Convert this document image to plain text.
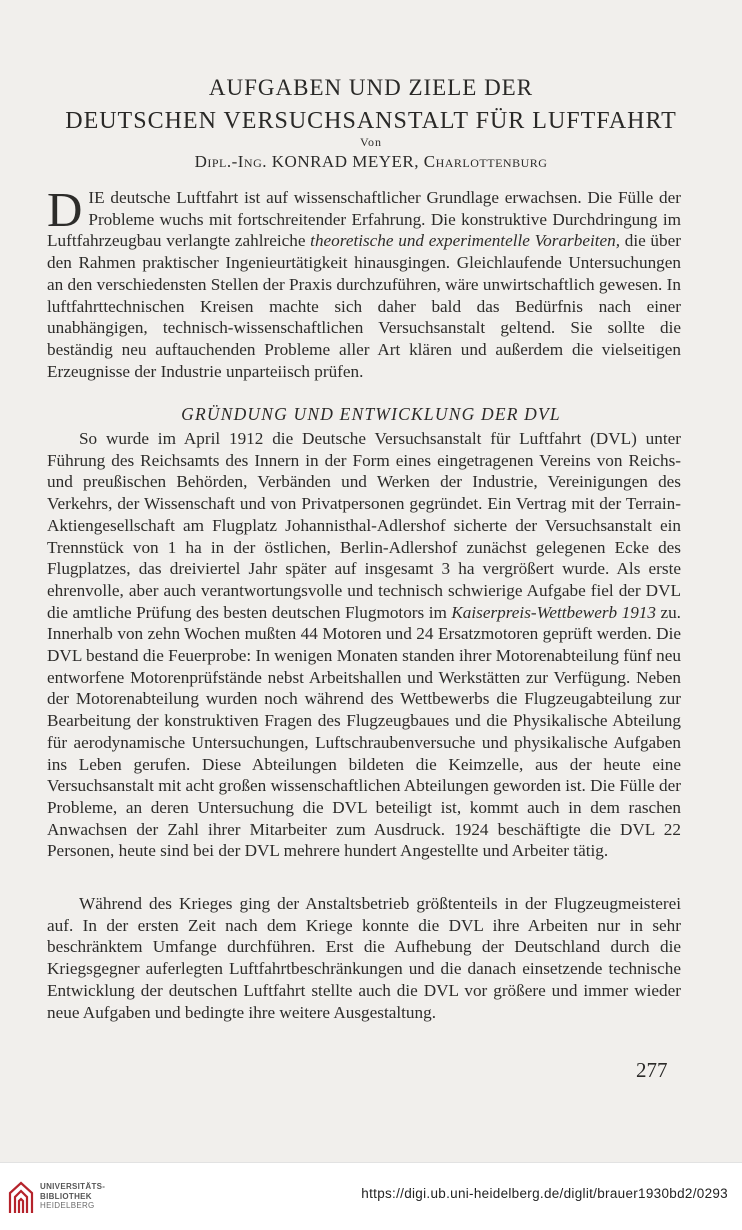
AUFGABEN UND ZIELE DER
DEUTSCHEN VERSUCHSANSTALT FÜR LUFTFAHRT
Von
Dipl.-Ing. KONRAD MEYER, Charlottenburg
DIE deutsche Luftfahrt ist auf wissenschaftlicher Grundlage erwachsen. Die Fülle der Probleme wuchs mit fortschreitender Erfahrung. Die konstruktive Durchdringung im Luftfahrzeugbau verlangte zahlreiche theoretische und experimentelle Vorarbeiten, die über den Rahmen praktischer Ingenieurtätigkeit hinausgingen. Gleichlaufende Untersuchungen an den verschiedensten Stellen der Praxis durchzuführen, wäre unwirtschaftlich gewesen. In luftfahrttechnischen Kreisen machte sich daher bald das Bedürfnis nach einer unabhängigen, technisch-wissenschaftlichen Versuchsanstalt geltend. Sie sollte die beständig neu auftauchenden Probleme aller Art klären und außerdem die vielseitigen Erzeugnisse der Industrie unparteiisch prüfen.
GRÜNDUNG UND ENTWICKLUNG DER DVL
So wurde im April 1912 die Deutsche Versuchsanstalt für Luftfahrt (DVL) unter Führung des Reichsamts des Innern in der Form eines eingetragenen Vereins von Reichs- und preußischen Behörden, Verbänden und Werken der Industrie, Vereinigungen des Verkehrs, der Wissenschaft und von Privatpersonen gegründet. Ein Vertrag mit der Terrain-Aktiengesellschaft am Flugplatz Johannisthal-Adlershof sicherte der Versuchsanstalt ein Trennstück von 1 ha in der östlichen, Berlin-Adlershof zunächst gelegenen Ecke des Flugplatzes, das dreiviertel Jahr später auf insgesamt 3 ha vergrößert wurde. Als erste ehrenvolle, aber auch verantwortungsvolle und technisch schwierige Aufgabe fiel der DVL die amtliche Prüfung des besten deutschen Flugmotors im Kaiserpreis-Wettbewerb 1913 zu. Innerhalb von zehn Wochen mußten 44 Motoren und 24 Ersatzmotoren geprüft werden. Die DVL bestand die Feuerprobe: In wenigen Monaten standen ihrer Motorenabteilung fünf neu entworfene Motorenprüfstände nebst Arbeitshallen und Werkstätten zur Verfügung. Neben der Motorenabteilung wurden noch während des Wettbewerbs die Flugzeugabteilung zur Bearbeitung der konstruktiven Fragen des Flugzeugbaues und die Physikalische Abteilung für aerodynamische Untersuchungen, Luftschraubenversuche und physikalische Aufgaben ins Leben gerufen. Diese Abteilungen bildeten die Keimzelle, aus der heute eine Versuchsanstalt mit acht großen wissenschaftlichen Abteilungen geworden ist. Die Fülle der Probleme, an deren Untersuchung die DVL beteiligt ist, kommt auch in dem raschen Anwachsen der Zahl ihrer Mitarbeiter zum Ausdruck. 1924 beschäftigte die DVL 22 Personen, heute sind bei der DVL mehrere hundert Angestellte und Arbeiter tätig.
Während des Krieges ging der Anstaltsbetrieb größtenteils in der Flugzeugmeisterei auf. In der ersten Zeit nach dem Kriege konnte die DVL ihre Arbeiten nur in sehr beschränktem Umfange durchführen. Erst die Aufhebung der Deutschland durch die Kriegsgegner auferlegten Luftfahrtbeschränkungen und die danach einsetzende technische Entwicklung der deutschen Luftfahrt stellte auch die DVL vor größere und immer wieder neue Aufgaben und bedingte ihre weitere Ausgestaltung.
277
UNIVERSITÄTS-
BIBLIOTHEK
HEIDELBERG
https://digi.ub.uni-heidelberg.de/diglit/brauer1930bd2/0293
